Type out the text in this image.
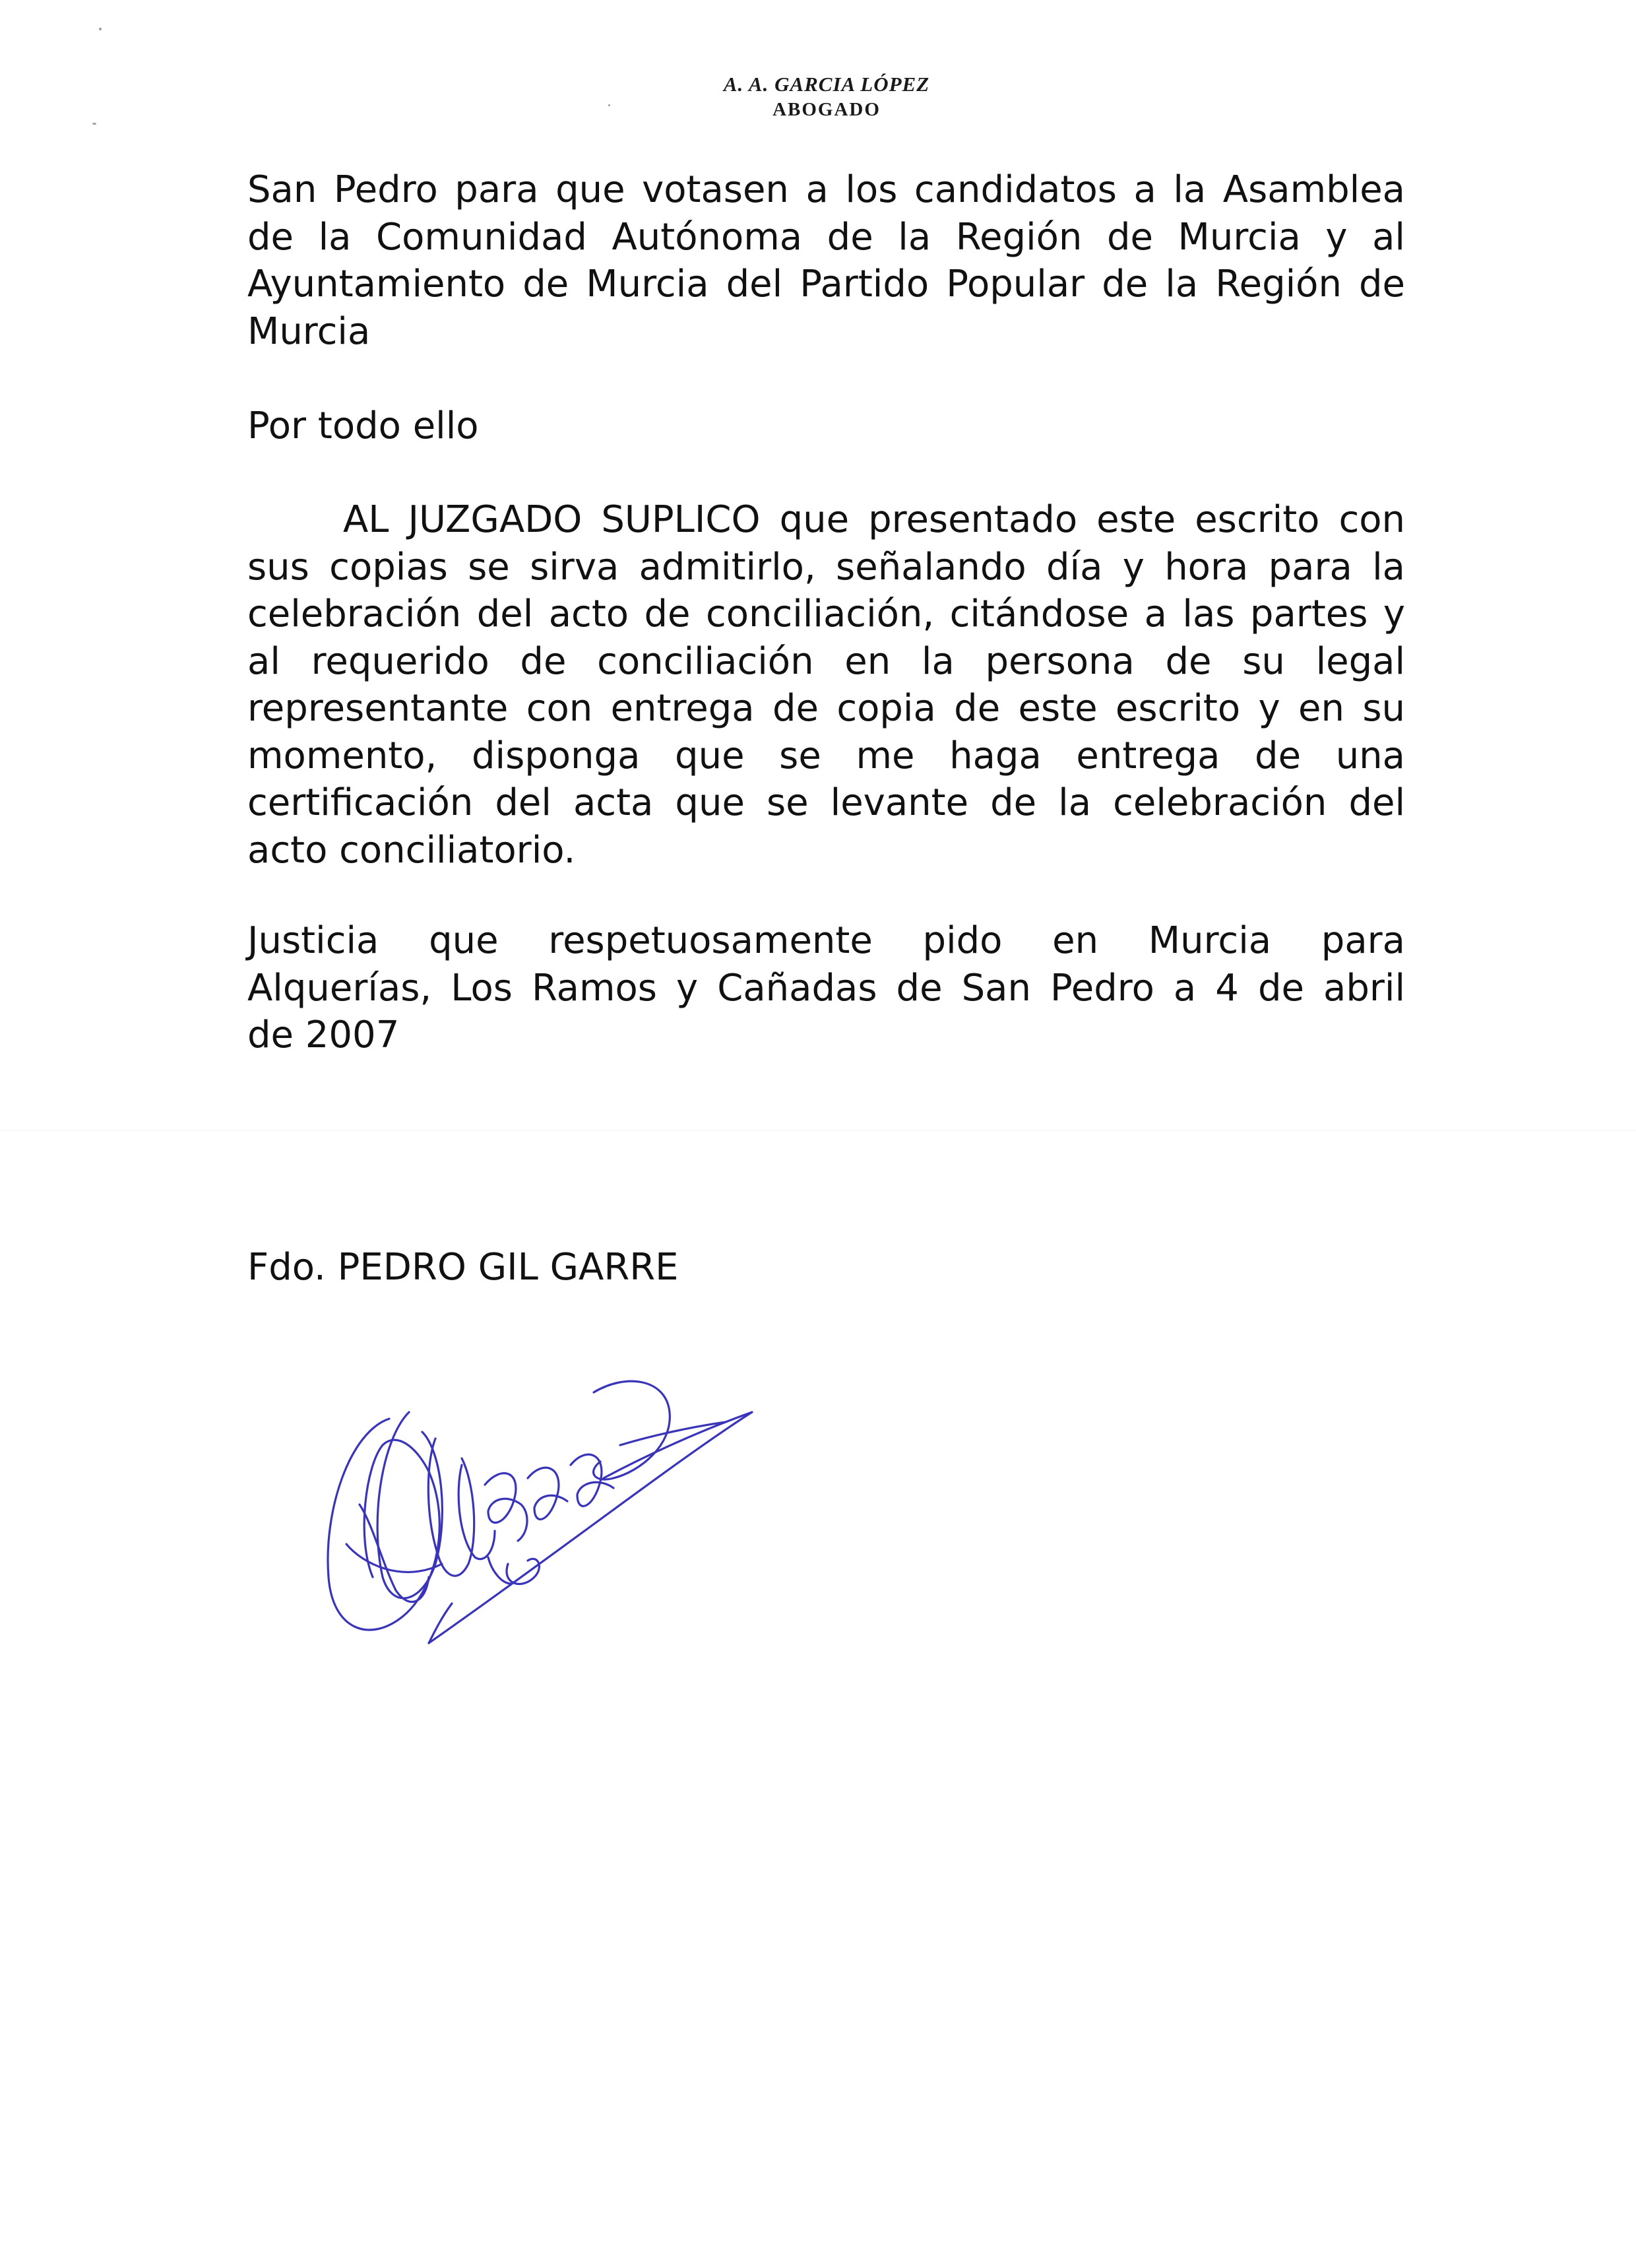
A. A. GARCIA LÓPEZ
ABOGADO
San Pedro para que votasen a los candidatos a la Asamblea
de la Comunidad Autónoma de la Región de Murcia y al
Ayuntamiento de Murcia del Partido Popular de la Región de
Murcia
Por todo ello
AL JUZGADO SUPLICO que presentado este escrito con
sus copias se sirva admitirlo, señalando día y hora para la
celebración del acto de conciliación, citándose a las partes y
al requerido de conciliación en la persona de su legal
representante con entrega de copia de este escrito y en su
momento, disponga que se me haga entrega de una
certificación del acta que se levante de la celebración del
acto conciliatorio.
Justicia que respetuosamente pido en Murcia para
Alquerías, Los Ramos y Cañadas de San Pedro a 4 de abril
de 2007
Fdo. PEDRO GIL GARRE
